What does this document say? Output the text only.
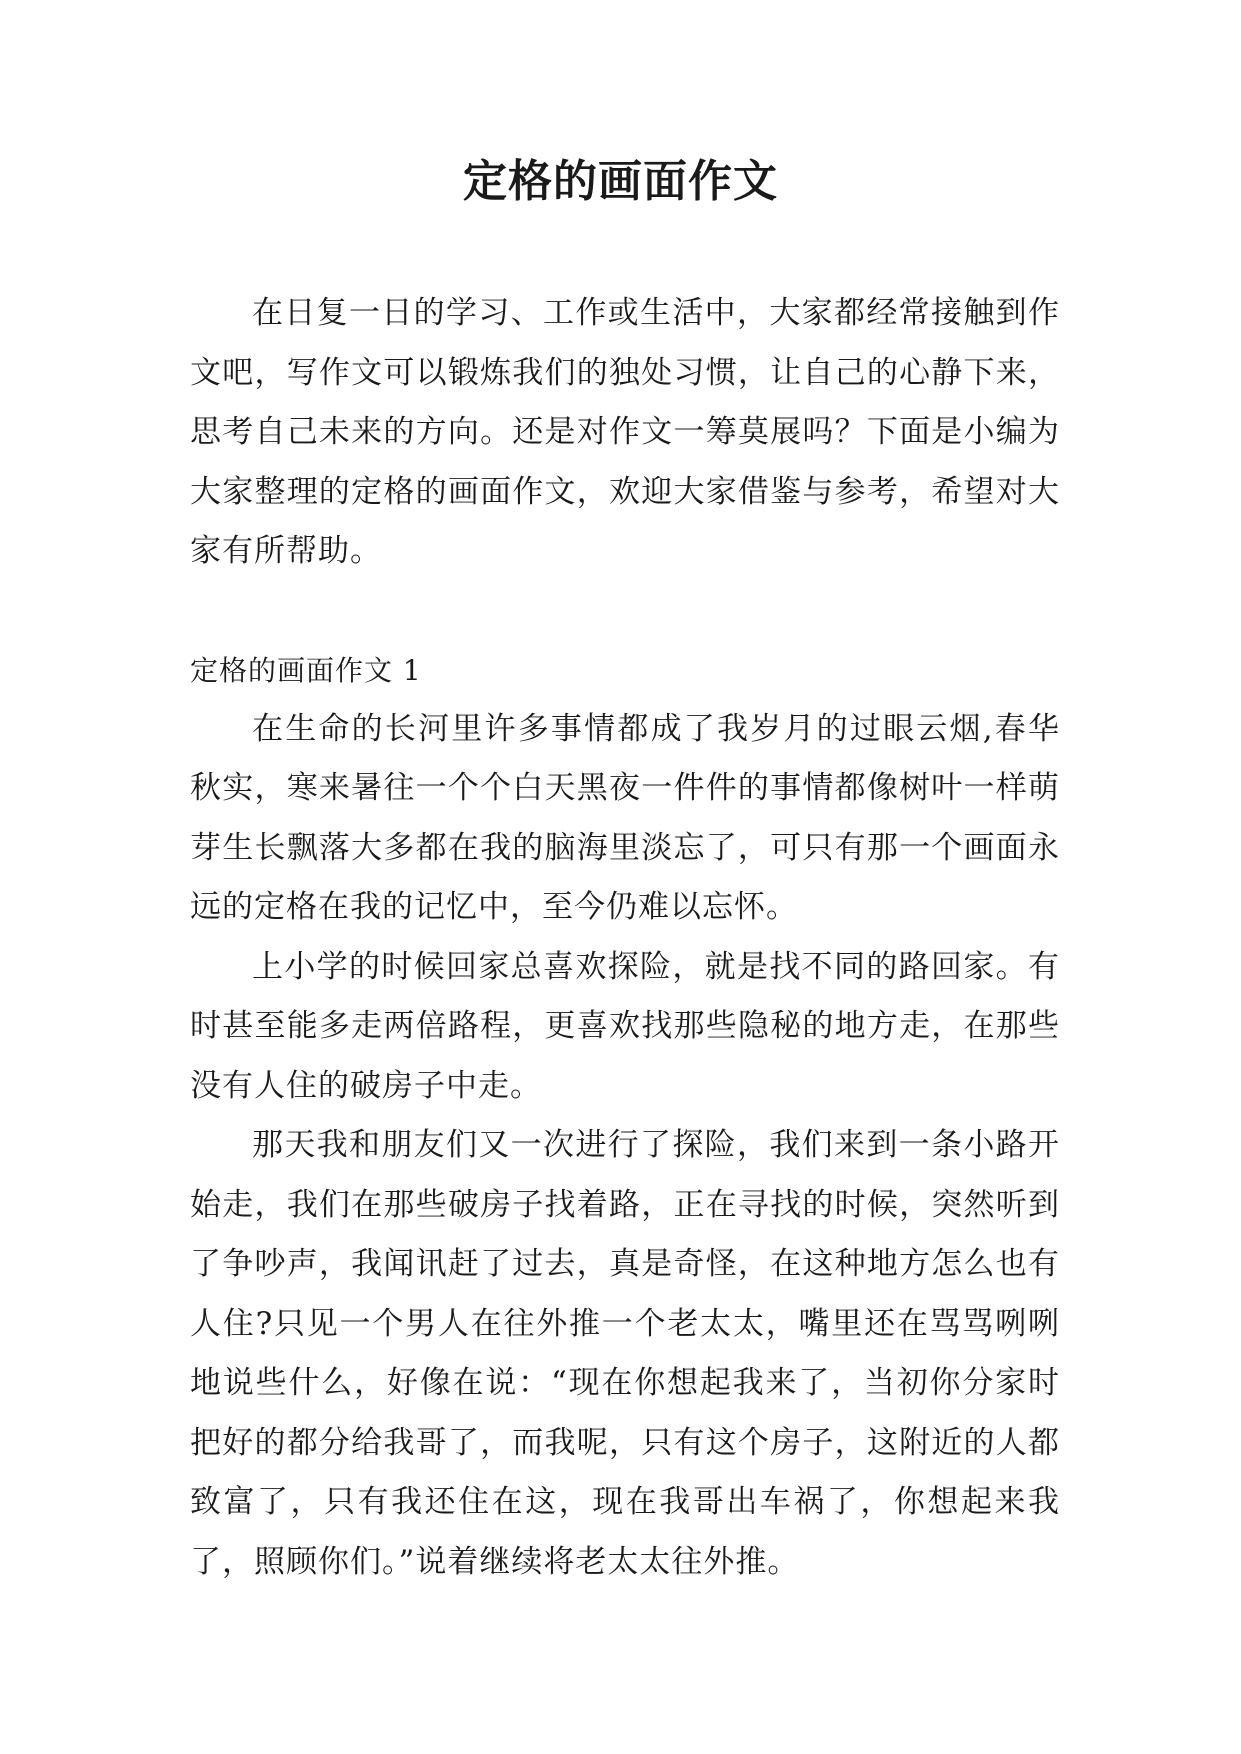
定格的画面作文

在日复一日的学习、工作或生活中，大家都经常接触到作文吧，写作文可以锻炼我们的独处习惯，让自己的心静下来，思考自己未来的方向。还是对作文一筹莫展吗？下面是小编为大家整理的定格的画面作文，欢迎大家借鉴与参考，希望对大家有所帮助。

定格的画面作文 1

在生命的长河里许多事情都成了我岁月的过眼云烟,春华秋实，寒来暑往一个个白天黑夜一件件的事情都像树叶一样萌芽生长飘落大多都在我的脑海里淡忘了，可只有那一个画面永远的定格在我的记忆中，至今仍难以忘怀。

上小学的时候回家总喜欢探险，就是找不同的路回家。有时甚至能多走两倍路程，更喜欢找那些隐秘的地方走，在那些没有人住的破房子中走。

那天我和朋友们又一次进行了探险，我们来到一条小路开始走，我们在那些破房子找着路，正在寻找的时候，突然听到了争吵声，我闻讯赶了过去，真是奇怪，在这种地方怎么也有人住?只见一个男人在往外推一个老太太，嘴里还在骂骂咧咧地说些什么，好像在说：“现在你想起我来了，当初你分家时把好的都分给我哥了，而我呢，只有这个房子，这附近的人都致富了，只有我还住在这，现在我哥出车祸了，你想起来我了，照顾你们。”说着继续将老太太往外推。
